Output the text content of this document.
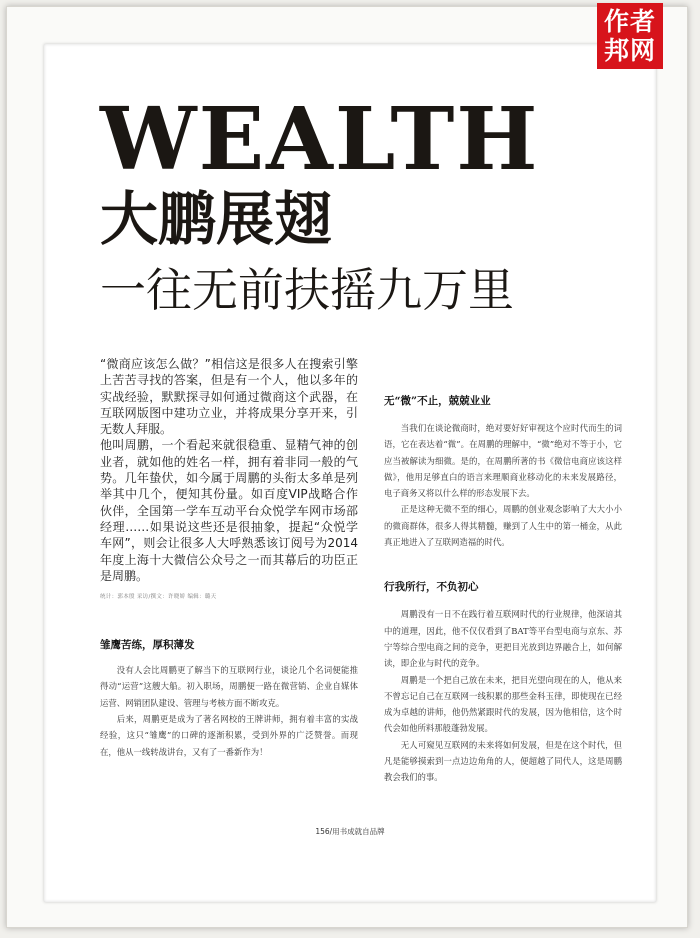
作者
邦网
WEALTH
大鹏展翅
一往无前扶摇九万里

“微商应该怎么做？”相信这是很多人在搜索引擎上苦苦寻找的答案，但是有一个人，他以多年的实战经验，默默探寻如何通过微商这个武器，在互联网版图中建功立业，并将成果分享开来，引无数人拜服。

他叫周鹏，一个看起来就很稳重、显精气神的创业者，就如他的姓名一样，拥有着非同一般的气势。几年蛰伏，如今属于周鹏的头衔太多单是列举其中几个，便知其份量。如百度VIP战略合作伙伴，全国第一学车互动平台众悦学车网市场部经理……如果说这些还是很抽象，提起“众悦学车网”，则会让很多人大呼熟悉该订阅号为2014年度上海十大微信公众号之一而其幕后的功臣正是周鹏。

统计：郭本殷 采访/撰文：许晓娇 编辑：璐天
雏鹰苦练，厚积薄发

没有人会比周鹏更了解当下的互联网行业，谈论几个名词便能推得动“运营”这艘大船。初入职场，周鹏便一路在微营销、企业自媒体运营、网销团队建设、管理与考核方面不断攻克。

后来，周鹏更是成为了著名网校的王牌讲师，拥有着丰富的实战经验，这只“雏鹰”的口碑的逐渐积累，受到外界的广泛赞誉。而现在，他从一线转战讲台，又有了一番新作为！

无“微”不止，兢兢业业

当我们在谈论微商时，绝对要好好审视这个应时代而生的词语，它在表达着“微”。在周鹏的理解中，“微”绝对不等于小，它应当被解读为细微。是的，在周鹏所著的书《微信电商应该这样做》，他用足够直白的语言来理顺商业移动化的未来发展路径，电子商务又将以什么样的形态发展下去。

正是这种无微不至的细心，周鹏的创业观念影响了大大小小的微商群体，很多人得其精髓，赚到了人生中的第一桶金，从此真正地进入了互联网造福的时代。

行我所行，不负初心

周鹏没有一日不在践行着互联网时代的行业规律，他深谙其中的道理，因此，他不仅仅看到了BAT等平台型电商与京东、苏宁等综合型电商之间的竞争，更把目光放到边界融合上，如何解读，即企业与时代的竞争。

周鹏是一个把自己放在未来，把目光望向现在的人，他从来不曾忘记自己在互联网一线积累的那些金科玉律，即使现在已经成为卓越的讲师，他仍然紧跟时代的发展，因为他相信，这个时代会如他所料那般蓬勃发展。

无人可窥见互联网的未来将如何发展，但是在这个时代，但凡是能够摸索到一点边边角角的人，便超越了同代人，这是周鹏教会我们的事。

156/用书成就自品牌
